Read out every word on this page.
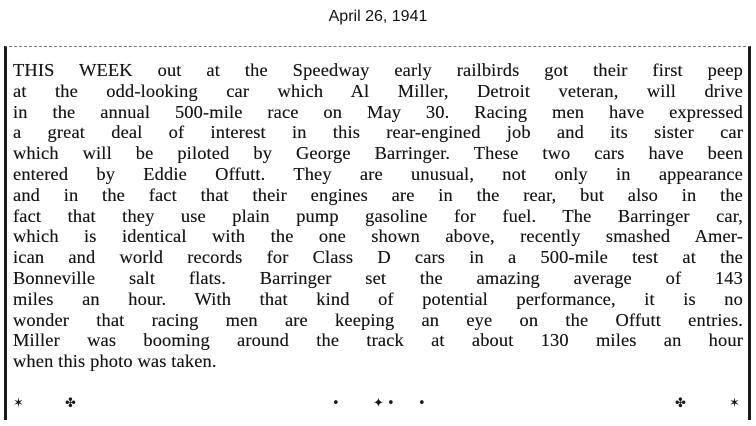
April 26, 1941
THIS WEEK out at the Speedway early railbirds got their first peep
at the odd-looking car which Al Miller, Detroit veteran, will drive
in the annual 500-mile race on May 30. Racing men have expressed
a great deal of interest in this rear-engined job and its sister car
which will be piloted by George Barringer. These two cars have been
entered by Eddie Offutt. They are unusual, not only in appearance
and in the fact that their engines are in the rear, but also in the
fact that they use plain pump gasoline for fuel. The Barringer car,
which is identical with the one shown above, recently smashed Amer-
ican and world records for Class D cars in a 500-mile test at the
Bonneville salt flats. Barringer set the amazing average of 143
miles an hour. With that kind of potential performance, it is no
wonder that racing men are keeping an eye on the Offutt entries.
Miller was booming around the track at about 130 miles an hour
when this photo was taken.
✶	✤	•	✦ • •	✤	✶
